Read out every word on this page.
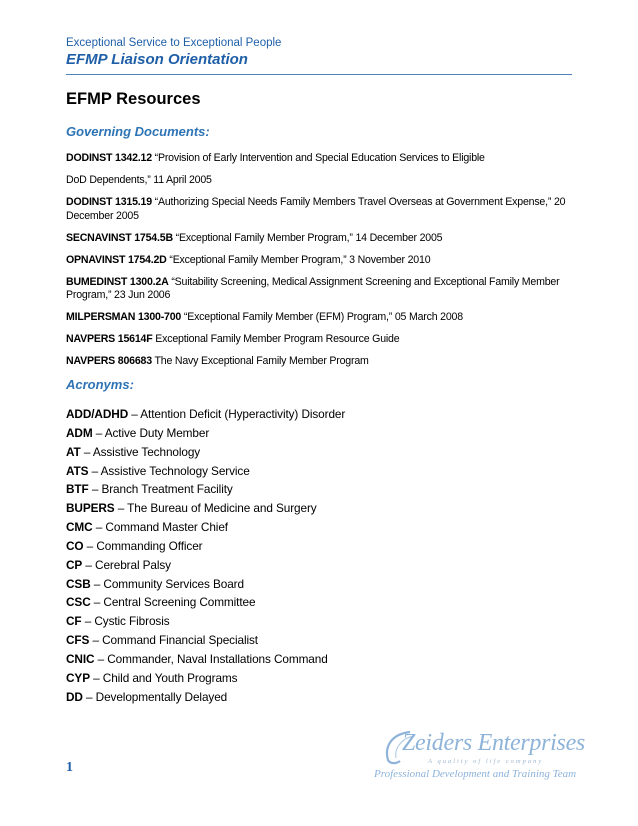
Exceptional Service to Exceptional People
EFMP Liaison Orientation
EFMP Resources
Governing Documents:
DODINST 1342.12 “Provision of Early Intervention and Special Education Services to Eligible
DoD Dependents,” 11 April 2005
DODINST 1315.19 “Authorizing Special Needs Family Members Travel Overseas at Government Expense,” 20 December 2005
SECNAVINST 1754.5B “Exceptional Family Member Program,” 14 December 2005
OPNAVINST 1754.2D “Exceptional Family Member Program,” 3 November 2010
BUMEDINST 1300.2A “Suitability Screening, Medical Assignment Screening and Exceptional Family Member Program,” 23 Jun 2006
MILPERSMAN 1300-700 “Exceptional Family Member (EFM) Program,” 05 March 2008
NAVPERS 15614F Exceptional Family Member Program Resource Guide
NAVPERS 806683 The Navy Exceptional Family Member Program
Acronyms:
ADD/ADHD – Attention Deficit (Hyperactivity) Disorder
ADM – Active Duty Member
AT – Assistive Technology
ATS – Assistive Technology Service
BTF – Branch Treatment Facility
BUPERS – The Bureau of Medicine and Surgery
CMC – Command Master Chief
CO – Commanding Officer
CP – Cerebral Palsy
CSB – Community Services Board
CSC – Central Screening Committee
CF – Cystic Fibrosis
CFS – Command Financial Specialist
CNIC – Commander, Naval Installations Command
CYP – Child and Youth Programs
DD – Developmentally Delayed
1
Zeiders Enterprises
A quality of life company
Professional Development and Training Team
